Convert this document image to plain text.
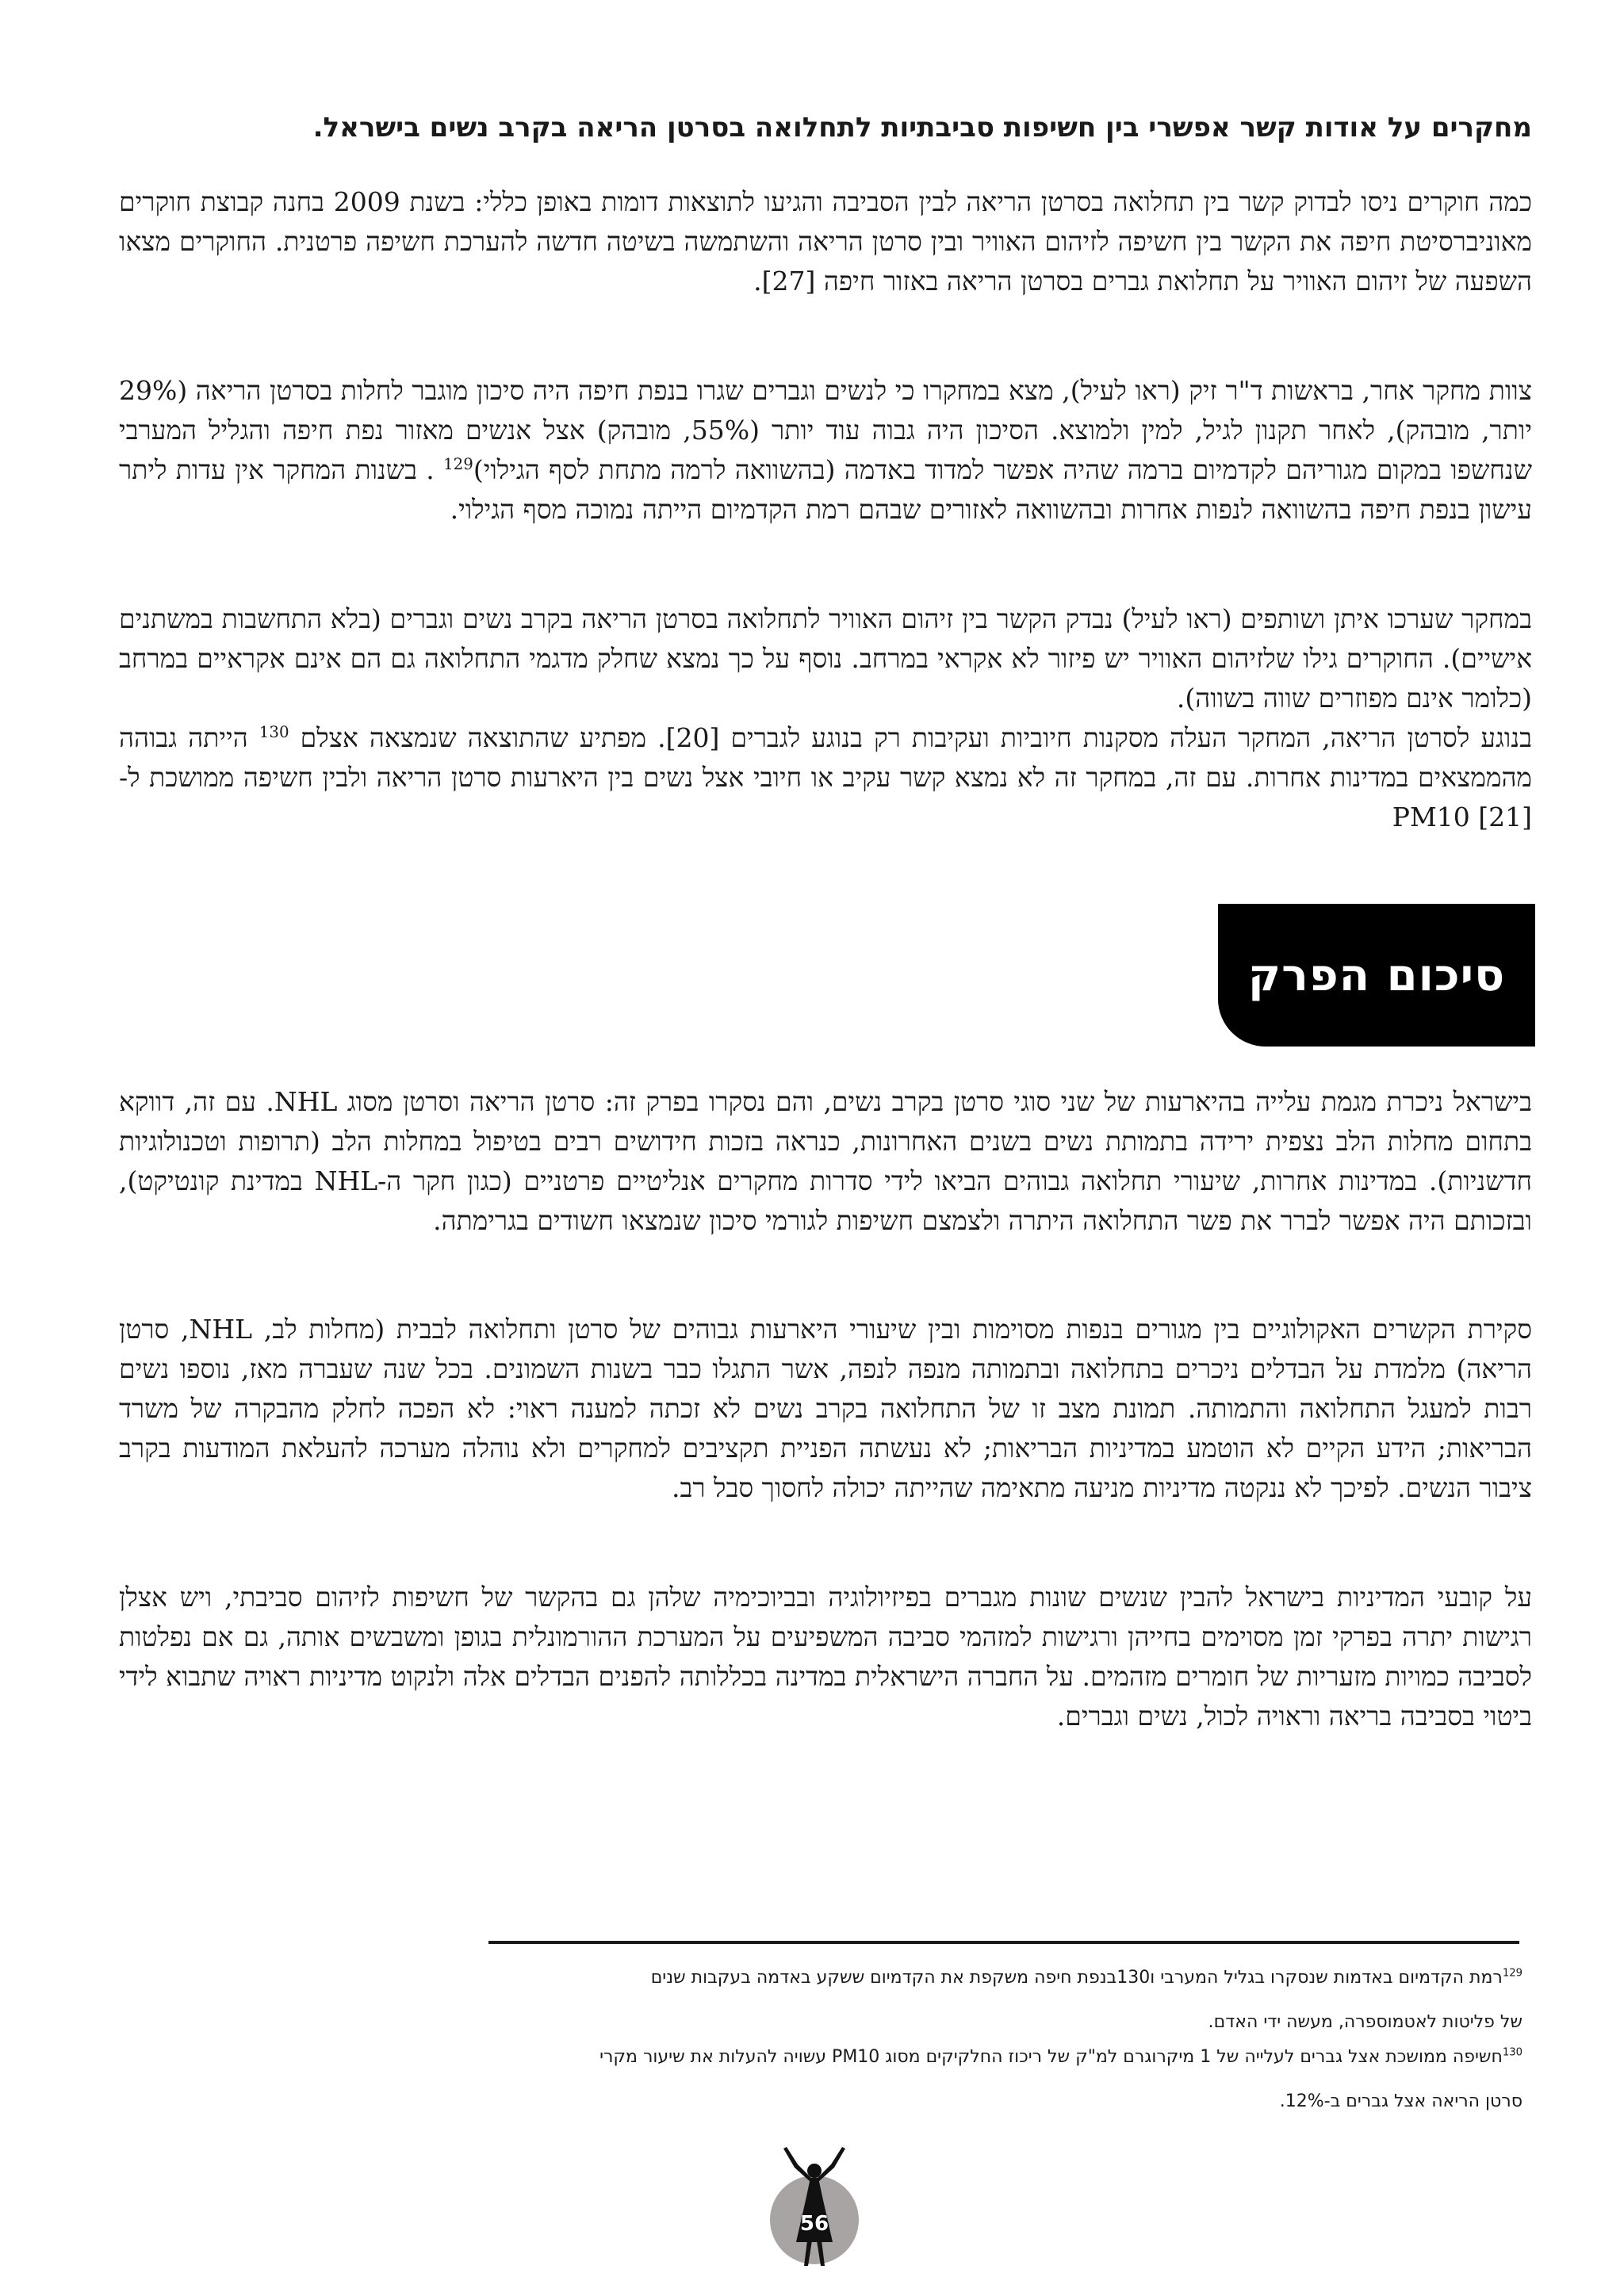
מחקרים על אודות קשר אפשרי בין חשיפות סביבתיות לתחלואה בסרטן הריאה בקרב נשים בישראל.

כמה חוקרים ניסו לבדוק קשר בין תחלואה בסרטן הריאה לבין הסביבה והגיעו לתוצאות דומות באופן כללי: בשנת 2009 בחנה קבוצת חוקרים מאוניברסיטת חיפה את הקשר בין חשיפה לזיהום האוויר ובין סרטן הריאה והשתמשה בשיטה חדשה להערכת חשיפה פרטנית. החוקרים מצאו השפעה של זיהום האוויר על תחלואת גברים בסרטן הריאה באזור חיפה [27].

צוות מחקר אחר, בראשות ד"ר זיק (ראו לעיל), מצא במחקרו כי לנשים וגברים שגרו בנפת חיפה היה סיכון מוגבר לחלות בסרטן הריאה (29% יותר, מובהק), לאחר תקנון לגיל, למין ולמוצא. הסיכון היה גבוה עוד יותר (55%, מובהק) אצל אנשים מאזור נפת חיפה והגליל המערבי שנחשפו במקום מגוריהם לקדמיום ברמה שהיה אפשר למדוד באדמה (בהשוואה לרמה מתחת לסף הגילוי)$^{129}$ . בשנות המחקר אין עדות ליתר עישון בנפת חיפה בהשוואה לנפות אחרות ובהשוואה לאזורים שבהם רמת הקדמיום הייתה נמוכה מסף הגילוי.

במחקר שערכו איתן ושותפים (ראו לעיל) נבדק הקשר בין זיהום האוויר לתחלואה בסרטן הריאה בקרב נשים וגברים (בלא התחשבות במשתנים אישיים). החוקרים גילו שלזיהום האוויר יש פיזור לא אקראי במרחב. נוסף על כך נמצא שחלק מדגמי התחלואה גם הם אינם אקראיים במרחב (כלומר אינם מפוזרים שווה בשווה).

בנוגע לסרטן הריאה, המחקר העלה מסקנות חיוביות ועקיבות רק בנוגע לגברים [20]. מפתיע שהתוצאה שנמצאה אצלם $^{130}$ הייתה גבוהה מהממצאים במדינות אחרות. עם זה, במחקר זה לא נמצא קשר עקיב או חיובי אצל נשים בין היארעות סרטן הריאה ולבין חשיפה ממושכת ל- PM10 [21]

סיכום הפרק

בישראל ניכרת מגמת עלייה בהיארעות של שני סוגי סרטן בקרב נשים, והם נסקרו בפרק זה: סרטן הריאה וסרטן מסוג NHL. עם זה, דווקא בתחום מחלות הלב נצפית ירידה בתמותת נשים בשנים האחרונות, כנראה בזכות חידושים רבים בטיפול במחלות הלב (תרופות וטכנולוגיות חדשניות). במדינות אחרות, שיעורי תחלואה גבוהים הביאו לידי סדרות מחקרים אנליטיים פרטניים (כגון חקר ה-NHL במדינת קונטיקט), ובזכותם היה אפשר לברר את פשר התחלואה היתרה ולצמצם חשיפות לגורמי סיכון שנמצאו חשודים בגרימתה.

סקירת הקשרים האקולוגיים בין מגורים בנפות מסוימות ובין שיעורי היארעות גבוהים של סרטן ותחלואה לבבית (מחלות לב, NHL, סרטן הריאה) מלמדת על הבדלים ניכרים בתחלואה ובתמותה מנפה לנפה, אשר התגלו כבר בשנות השמונים. בכל שנה שעברה מאז, נוספו נשים רבות למעגל התחלואה והתמותה. תמונת מצב זו של התחלואה בקרב נשים לא זכתה למענה ראוי: לא הפכה לחלק מהבקרה של משרד הבריאות; הידע הקיים לא הוטמע במדיניות הבריאות; לא נעשתה הפניית תקציבים למחקרים ולא נוהלה מערכה להעלאת המודעות בקרב ציבור הנשים. לפיכך לא ננקטה מדיניות מניעה מתאימה שהייתה יכולה לחסוך סבל רב.

על קובעי המדיניות בישראל להבין שנשים שונות מגברים בפיזיולוגיה ובביוכימיה שלהן גם בהקשר של חשיפות לזיהום סביבתי, ויש אצלן רגישות יתרה בפרקי זמן מסוימים בחייהן ורגישות למזהמי סביבה המשפיעים על המערכת ההורמונלית בגופן ומשבשים אותה, גם אם נפלטות לסביבה כמויות מזעריות של חומרים מזהמים. על החברה הישראלית במדינה בכללותה להפנים הבדלים אלה ולנקוט מדיניות ראויה שתבוא לידי ביטוי בסביבה בריאה וראויה לכול, נשים וגברים.

$^{129}$רמת הקדמיום באדמות שנסקרו בגליל המערבי ו130בנפת חיפה משקפת את הקדמיום ששקע באדמה בעקבות שנים
של פליטות לאטמוספרה, מעשה ידי האדם.

$^{130}$חשיפה ממושכת אצל גברים לעלייה של 1 מיקרוגרם למ"ק של ריכוז החלקיקים מסוג PM10 עשויה להעלות את שיעור מקרי
סרטן הריאה אצל גברים ב-12%.

56
